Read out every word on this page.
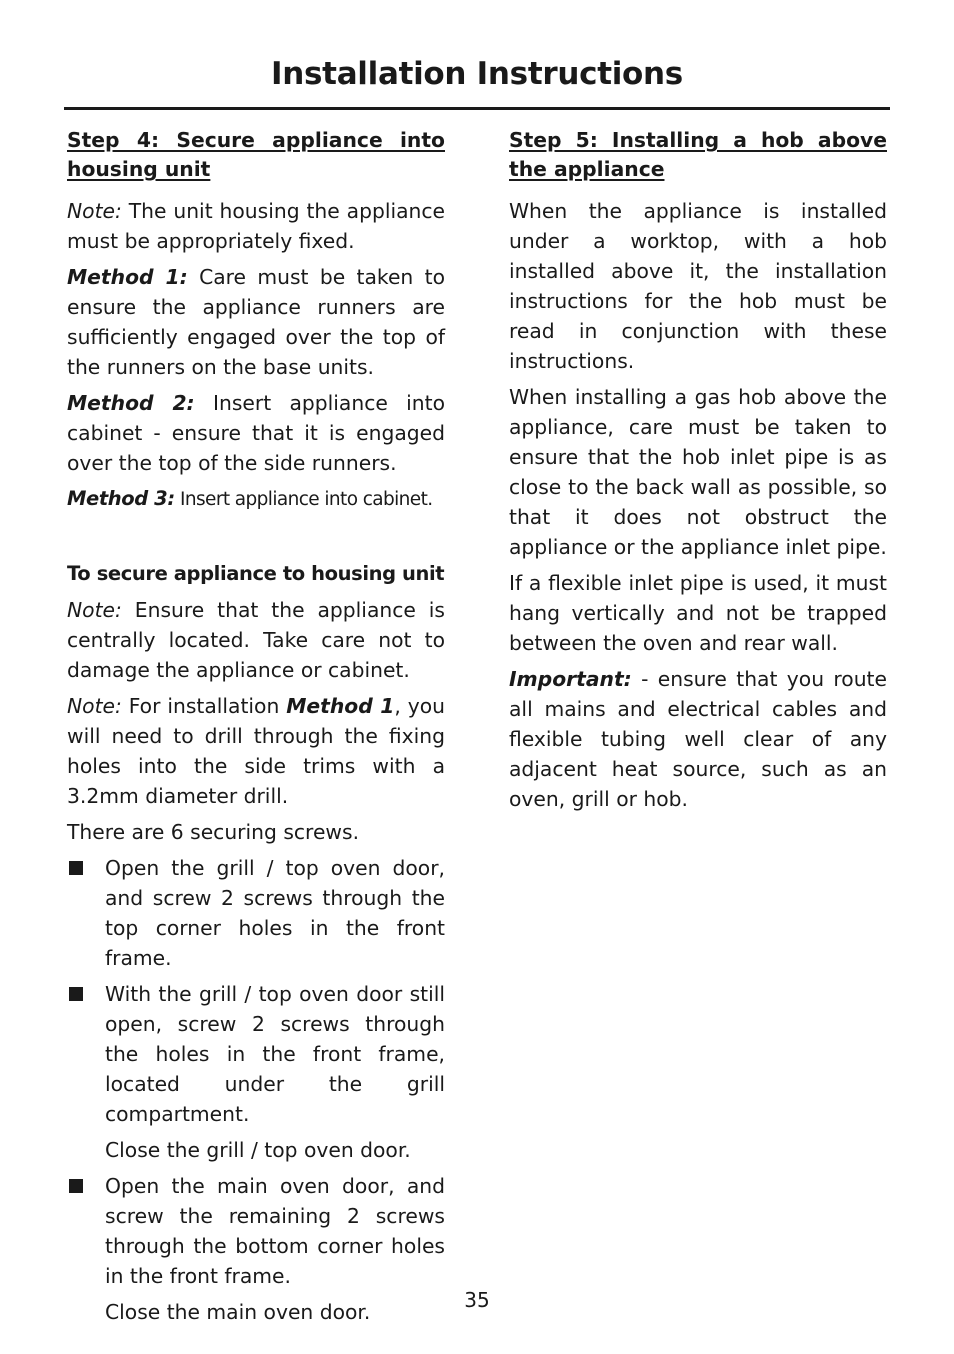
Installation Instructions
Step 4: Secure appliance into housing unit

Note: The unit housing the appliance must be appropriately fixed.

Method 1: Care must be taken to ensure the appliance runners are sufficiently engaged over the top of the runners on the base units.

Method 2: Insert appliance into cabinet - ensure that it is engaged over the top of the side runners.

Method 3: Insert appliance into cabinet.

To secure appliance to housing unit

Note: Ensure that the appliance is centrally located. Take care not to damage the appliance or cabinet.

Note: For installation Method 1, you will need to drill through the fixing holes into the side trims with a 3.2mm diameter drill.

There are 6 securing screws.

Open the grill / top oven door, and screw 2 screws through the top corner holes in the front frame.
With the grill / top oven door still open, screw 2 screws through the holes in the front frame, located under the grill compartment.

Close the grill / top oven door.

Open the main oven door, and screw the remaining 2 screws through the bottom corner holes in the front frame.

Close the main oven door.

Step 5: Installing a hob above the appliance

When the appliance is installed under a worktop, with a hob installed above it, the installation instructions for the hob must be read in conjunction with these instructions.

When installing a gas hob above the appliance, care must be taken to ensure that the hob inlet pipe is as close to the back wall as possible, so that it does not obstruct the appliance or the appliance inlet pipe.

If a flexible inlet pipe is used, it must hang vertically and not be trapped between the oven and rear wall.

Important: - ensure that you route all mains and electrical cables and flexible tubing well clear of any adjacent heat source, such as an oven, grill or hob.

35
